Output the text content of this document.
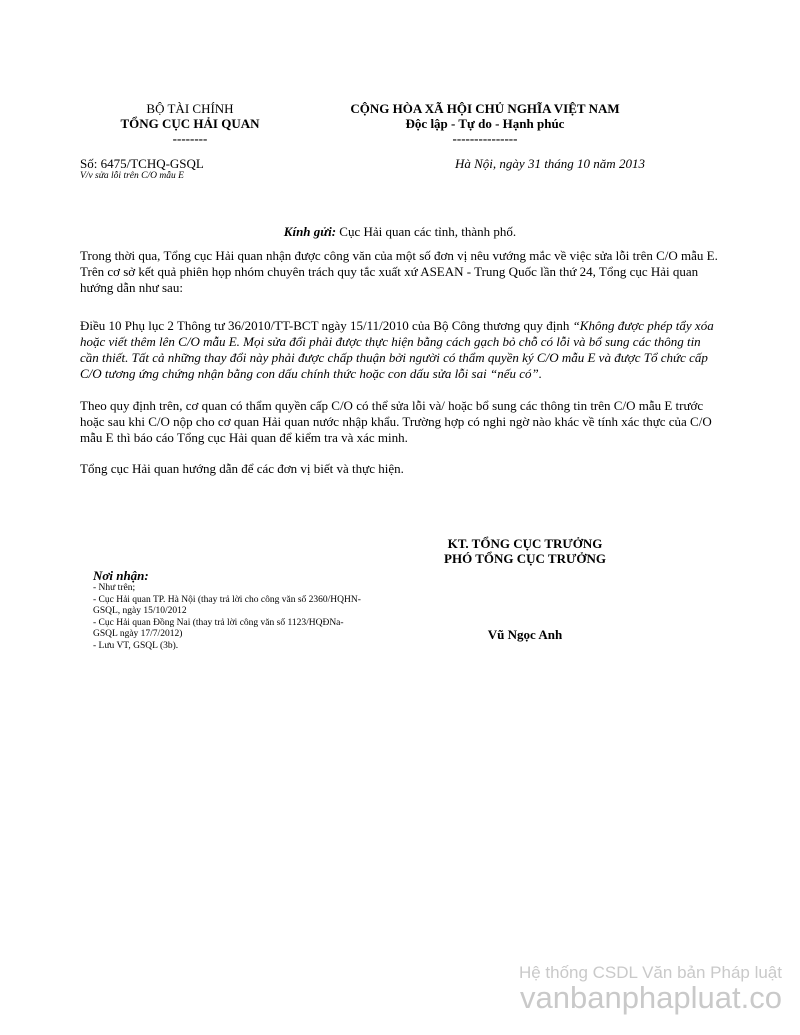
BỘ TÀI CHÍNH
TỔNG CỤC HẢI QUAN
--------
CỘNG HÒA XÃ HỘI CHỦ NGHĨA VIỆT NAM
Độc lập - Tự do - Hạnh phúc
---------------
Số: 6475/TCHQ-GSQL
V/v sửa lỗi trên C/O mẫu E
Hà Nội, ngày 31 tháng 10 năm 2013
Kính gửi: Cục Hải quan các tỉnh, thành phố.

Trong thời qua, Tổng cục Hải quan nhận được công văn của một số đơn vị nêu vướng mắc về việc sửa lỗi trên C/O mẫu E. Trên cơ sở kết quả phiên họp nhóm chuyên trách quy tắc xuất xứ ASEAN - Trung Quốc lần thứ 24, Tổng cục Hải quan hướng dẫn như sau:

Điều 10 Phụ lục 2 Thông tư 36/2010/TT-BCT ngày 15/11/2010 của Bộ Công thương quy định “Không được phép tẩy xóa hoặc viết thêm lên C/O mẫu E. Mọi sửa đổi phải được thực hiện bằng cách gạch bỏ chỗ có lỗi và bổ sung các thông tin cần thiết. Tất cả những thay đổi này phải được chấp thuận bởi người có thẩm quyền ký C/O mẫu E và được Tổ chức cấp C/O tương ứng chứng nhận bằng con dấu chính thức hoặc con dấu sửa lỗi sai “nếu có”.

Theo quy định trên, cơ quan có thẩm quyền cấp C/O có thể sửa lỗi và/ hoặc bổ sung các thông tin trên C/O mẫu E trước hoặc sau khi C/O nộp cho cơ quan Hải quan nước nhập khẩu. Trường hợp có nghi ngờ nào khác về tính xác thực của C/O mẫu E thì báo cáo Tổng cục Hải quan để kiểm tra và xác minh.

Tổng cục Hải quan hướng dẫn để các đơn vị biết và thực hiện.

KT. TỔNG CỤC TRƯỞNG
PHÓ TỔNG CỤC TRƯỞNG
Vũ Ngọc Anh
Nơi nhận:
- Như trên;
- Cục Hải quan TP. Hà Nội (thay trả lời cho công văn số 2360/HQHN-GSQL, ngày 15/10/2012
- Cục Hải quan Đồng Nai (thay trả lời công văn số 1123/HQĐNa-GSQL ngày 17/7/2012)
- Lưu VT, GSQL (3b).
Hệ thống CSDL Văn bản Pháp luật
vanbanphapluat.co
